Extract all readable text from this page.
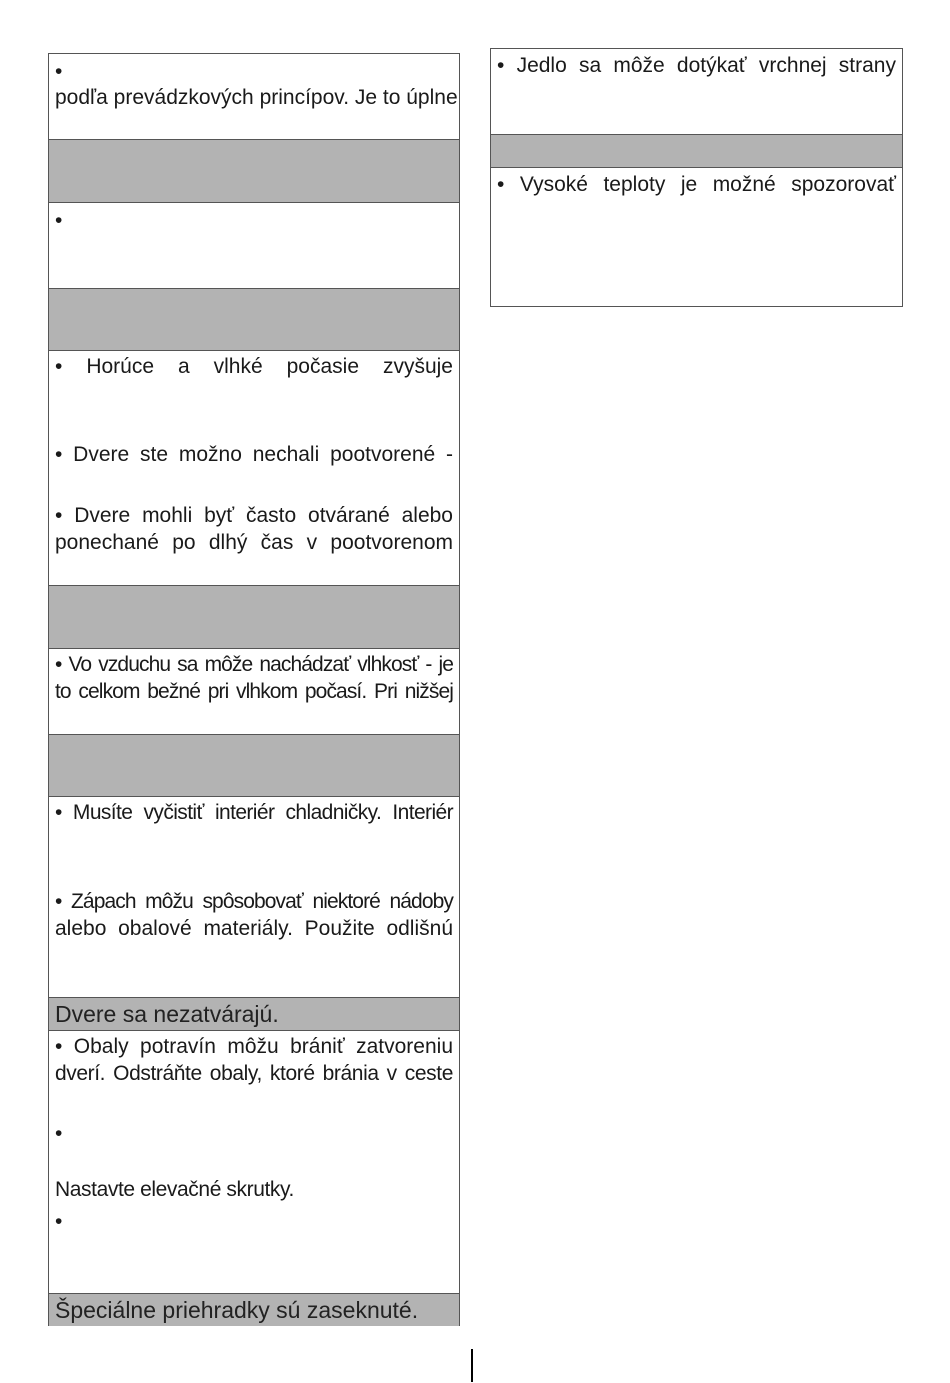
•
podľa prevádzkových princípov. Je to úplne
•
• Horúce a vlhké počasie zvyšuje
• Dvere ste možno nechali pootvorené -
• Dvere mohli byť často otvárané alebo
ponechané po dlhý čas v pootvorenom
• Vo vzduchu sa môže nachádzať vlhkosť - je
to celkom bežné pri vlhkom počasí. Pri nižšej
• Musíte vyčistiť interiér chladničky. Interiér
• Zápach môžu spôsobovať niektoré nádoby
alebo obalové materiály. Použite odlišnú
Dvere sa nezatvárajú.
• Obaly potravín môžu brániť zatvoreniu
dverí. Odstráňte obaly, ktoré bránia v ceste
•
Nastavte elevačné skrutky.
•
Špeciálne priehradky sú zaseknuté.
• Jedlo sa môže dotýkať vrchnej strany
• Vysoké teploty je možné spozorovať
